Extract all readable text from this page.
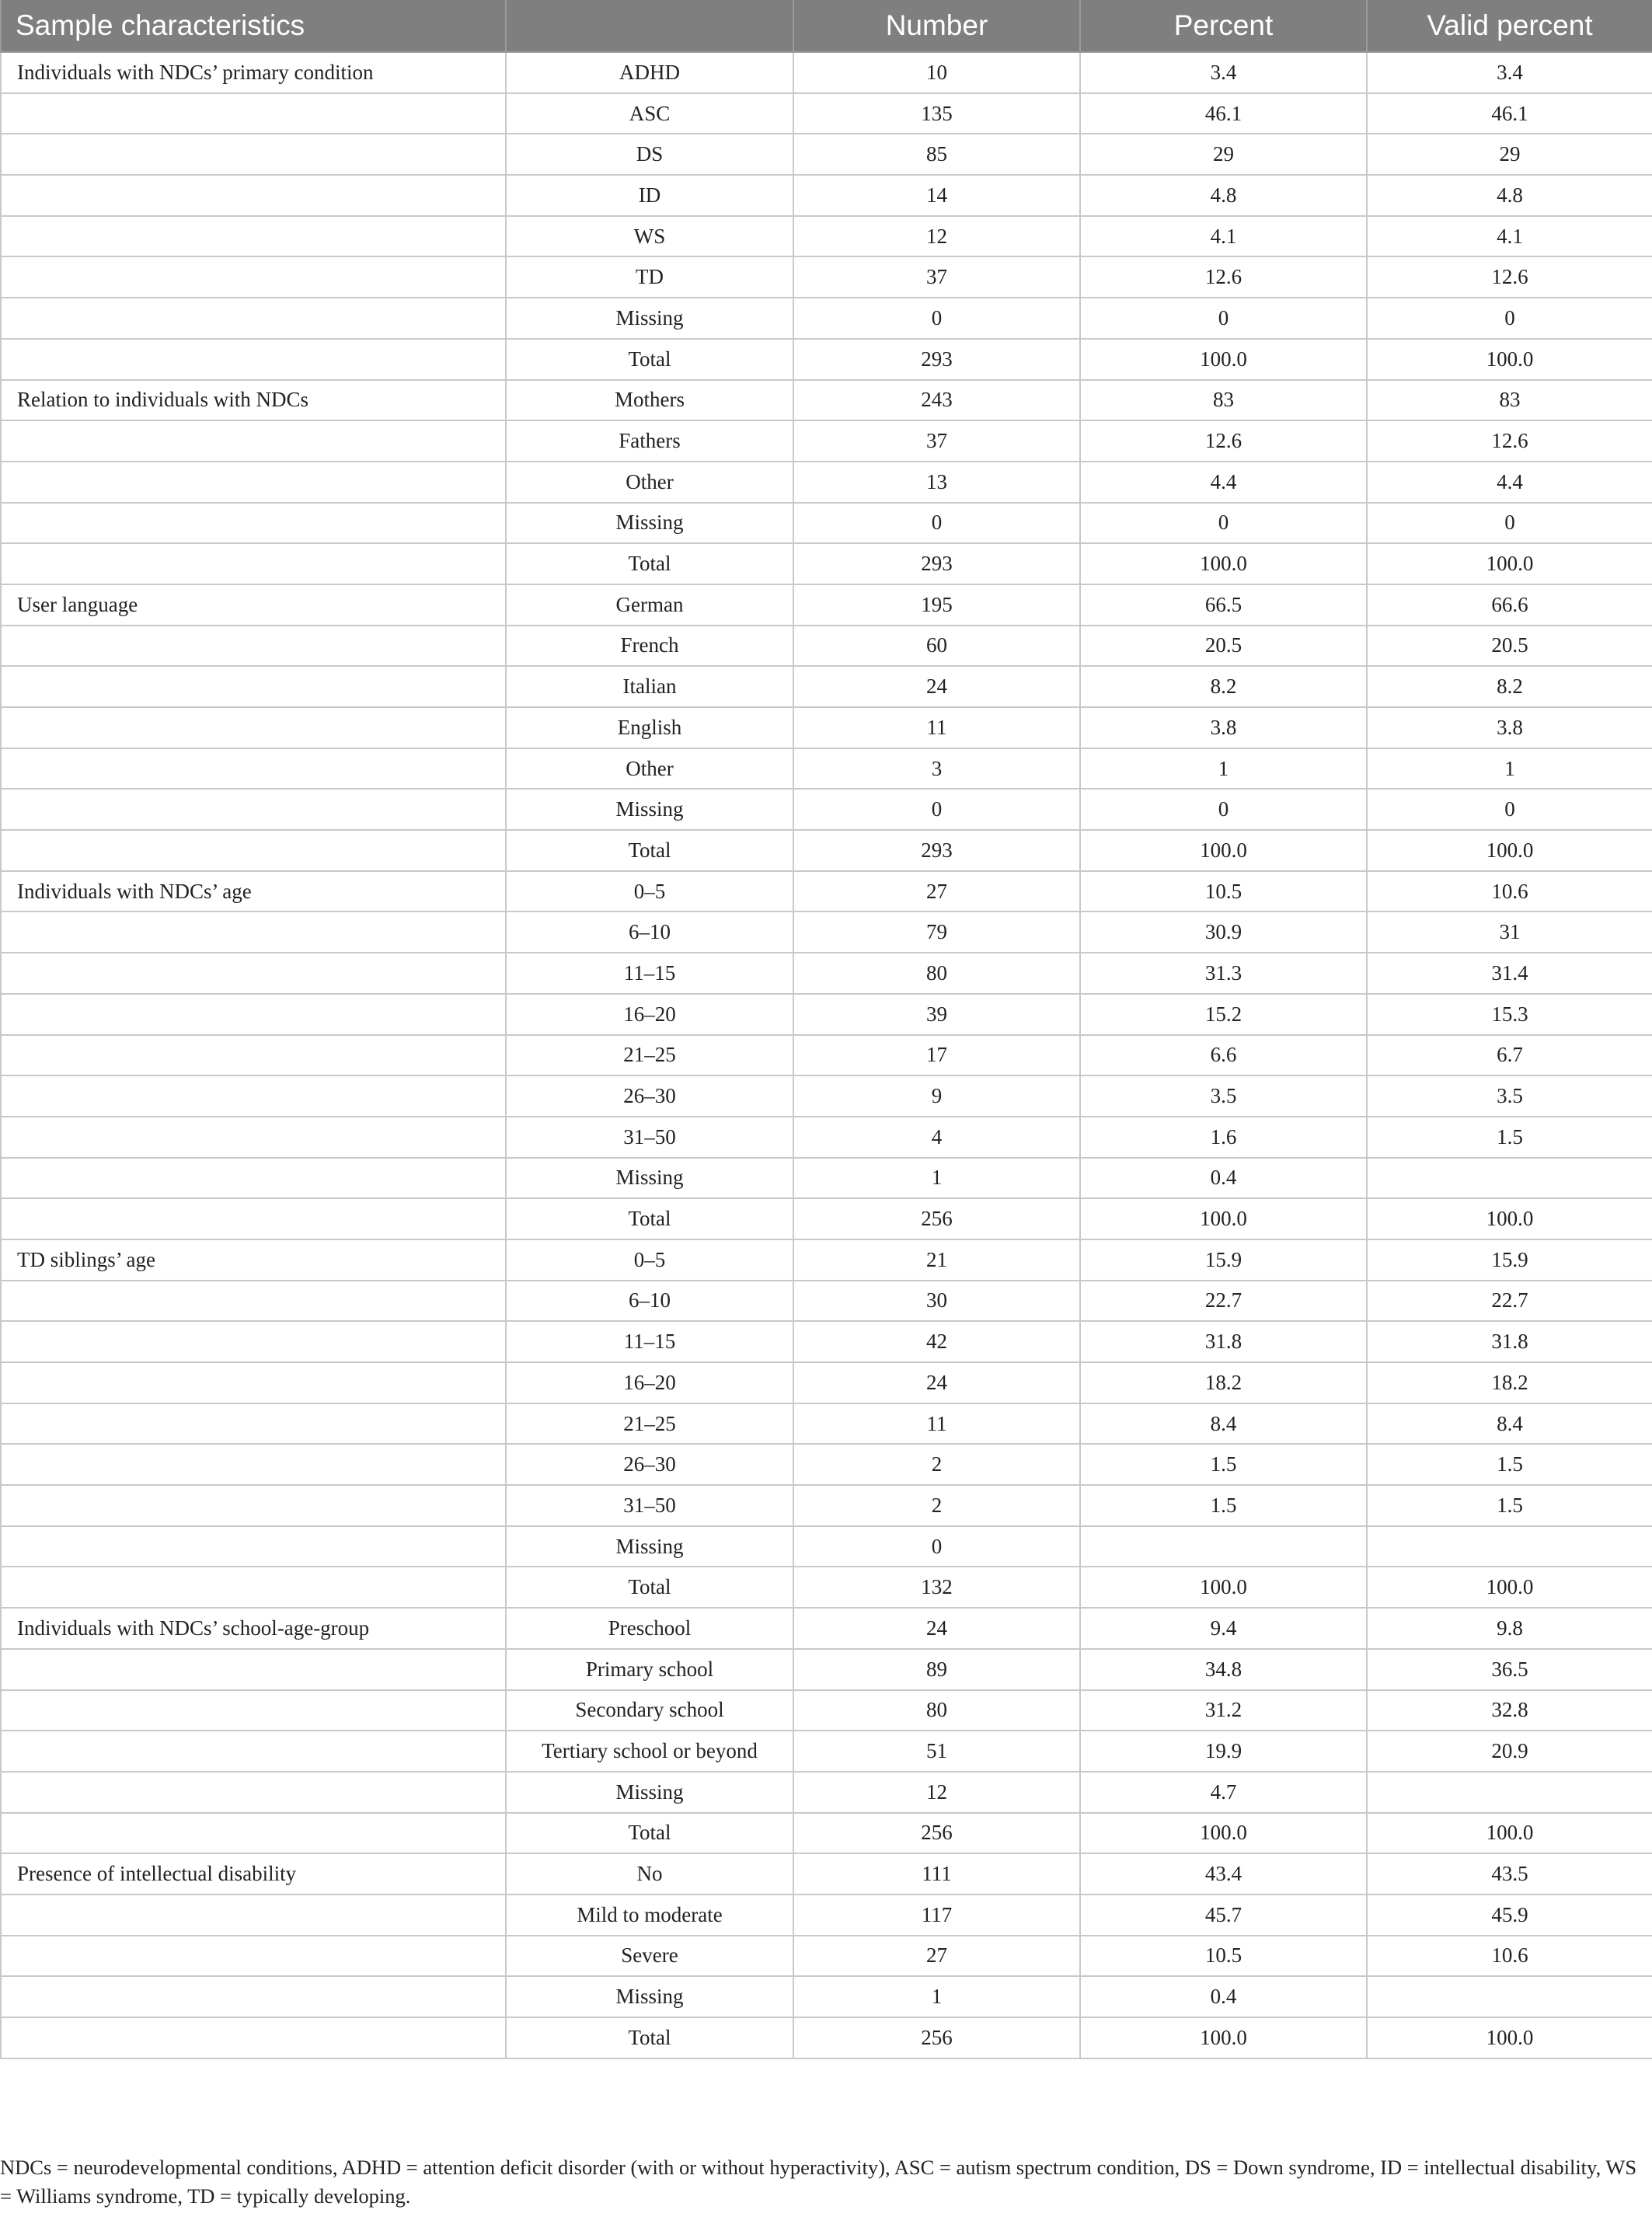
Sample characteristics		Number	Percent	Valid percent
Individuals with NDCs’ primary condition	ADHD	10	3.4	3.4
	ASC	135	46.1	46.1
	DS	85	29	29
	ID	14	4.8	4.8
	WS	12	4.1	4.1
	TD	37	12.6	12.6
	Missing	0	0	0
	Total	293	100.0	100.0
Relation to individuals with NDCs	Mothers	243	83	83
	Fathers	37	12.6	12.6
	Other	13	4.4	4.4
	Missing	0	0	0
	Total	293	100.0	100.0
User language	German	195	66.5	66.6
	French	60	20.5	20.5
	Italian	24	8.2	8.2
	English	11	3.8	3.8
	Other	3	1	1
	Missing	0	0	0
	Total	293	100.0	100.0
Individuals with NDCs’ age	0–5	27	10.5	10.6
	6–10	79	30.9	31
	11–15	80	31.3	31.4
	16–20	39	15.2	15.3
	21–25	17	6.6	6.7
	26–30	9	3.5	3.5
	31–50	4	1.6	1.5
	Missing	1	0.4	
	Total	256	100.0	100.0
TD siblings’ age	0–5	21	15.9	15.9
	6–10	30	22.7	22.7
	11–15	42	31.8	31.8
	16–20	24	18.2	18.2
	21–25	11	8.4	8.4
	26–30	2	1.5	1.5
	31–50	2	1.5	1.5
	Missing	0		
	Total	132	100.0	100.0
Individuals with NDCs’ school-age-group	Preschool	24	9.4	9.8
	Primary school	89	34.8	36.5
	Secondary school	80	31.2	32.8
	Tertiary school or beyond	51	19.9	20.9
	Missing	12	4.7	
	Total	256	100.0	100.0
Presence of intellectual disability	No	111	43.4	43.5
	Mild to moderate	117	45.7	45.9
	Severe	27	10.5	10.6
	Missing	1	0.4	
	Total	256	100.0	100.0
NDCs = neurodevelopmental conditions, ADHD = attention deficit disorder (with or without hyperactivity), ASC = autism spectrum condition, DS = Down syndrome, ID = intellectual disability, WS = Williams syndrome, TD = typically developing.
